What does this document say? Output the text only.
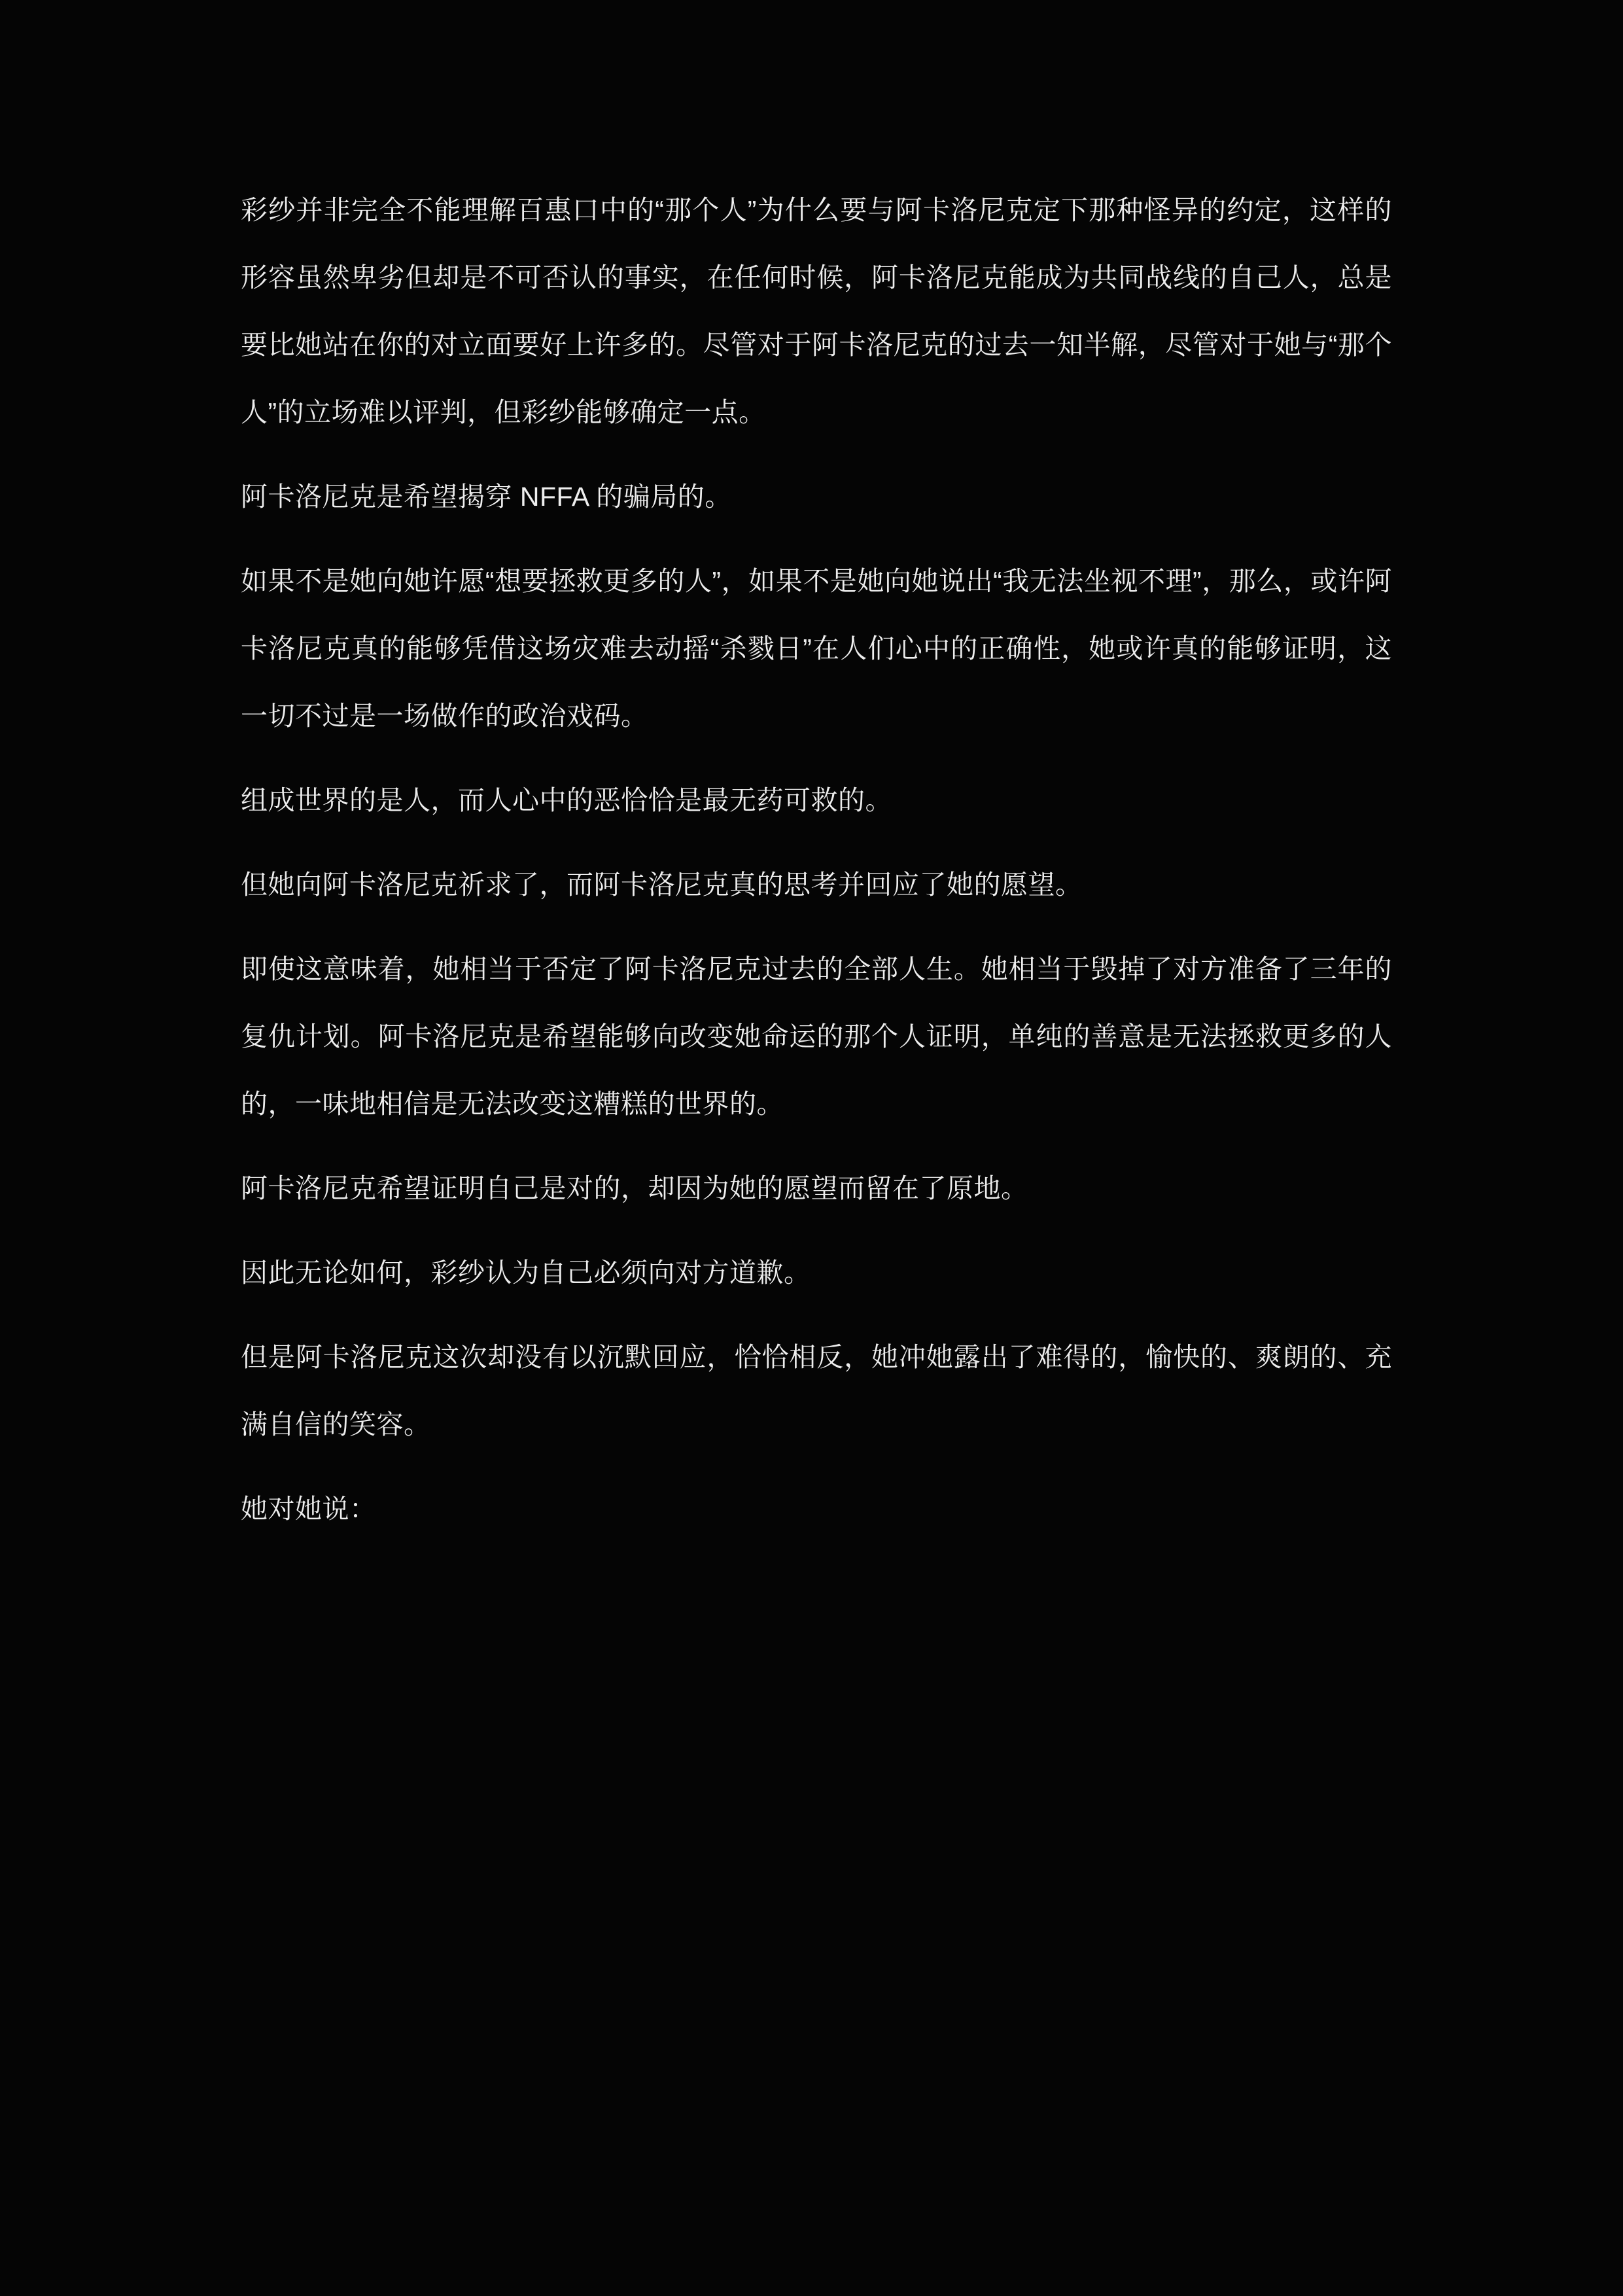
彩纱并非完全不能理解百惠口中的“那个人”为什么要与阿卡洛尼克定下那种怪异的约定，这样的形容虽然卑劣但却是不可否认的事实，在任何时候，阿卡洛尼克能成为共同战线的自己人，总是要比她站在你的对立面要好上许多的。尽管对于阿卡洛尼克的过去一知半解，尽管对于她与“那个人”的立场难以评判，但彩纱能够确定一点。

阿卡洛尼克是希望揭穿 NFFA 的骗局的。

如果不是她向她许愿“想要拯救更多的人”，如果不是她向她说出“我无法坐视不理”，那么，或许阿卡洛尼克真的能够凭借这场灾难去动摇“杀戮日”在人们心中的正确性，她或许真的能够证明，这一切不过是一场做作的政治戏码。

组成世界的是人，而人心中的恶恰恰是最无药可救的。

但她向阿卡洛尼克祈求了，而阿卡洛尼克真的思考并回应了她的愿望。

即使这意味着，她相当于否定了阿卡洛尼克过去的全部人生。她相当于毁掉了对方准备了三年的复仇计划。阿卡洛尼克是希望能够向改变她命运的那个人证明，单纯的善意是无法拯救更多的人的，一味地相信是无法改变这糟糕的世界的。

阿卡洛尼克希望证明自己是对的，却因为她的愿望而留在了原地。

因此无论如何，彩纱认为自己必须向对方道歉。

但是阿卡洛尼克这次却没有以沉默回应，恰恰相反，她冲她露出了难得的，愉快的、爽朗的、充满自信的笑容。

她对她说：
